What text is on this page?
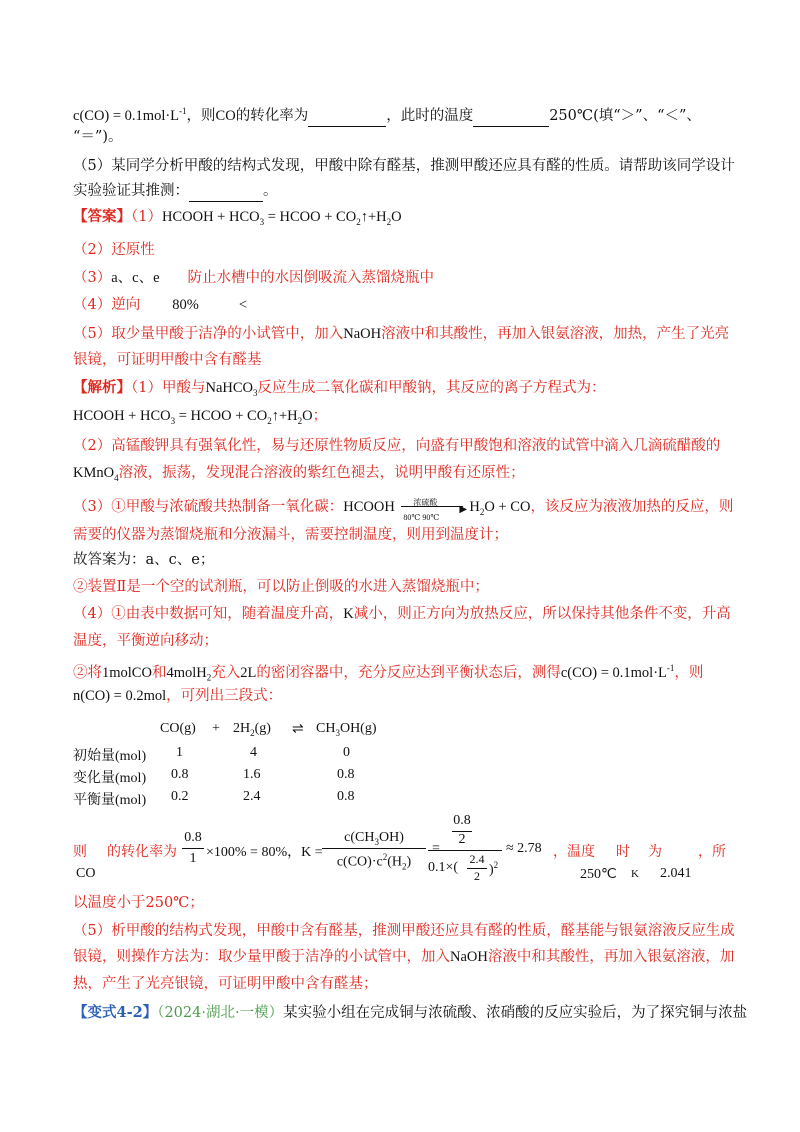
$c(CO) = 0.1mol\cdot L^{-1}$，则CO的转化率为	，此时的温度	250℃(填“＞”、“＜”、
“＝”)。
（5）某同学分析甲酸的结构式发现，甲酸中除有醛基，推测甲酸还应具有醛的性质。请帮助该同学设计
实验验证其推测：	。
【答案】（1）HCOOH + $HCO_3$ = HCOO + $CO_2↑+H_2O$
（2）还原性
（3）a、c、e 防止水槽中的水因倒吸流入蒸馏烧瓶中
（4）逆向 80%	<
（5）取少量甲酸于洁净的小试管中，加入NaOH溶液中和其酸性，再加入银氨溶液，加热，产生了光亮
银镜，可证明甲酸中含有醛基
【解析】（1）甲酸与NaHCO$_3$反应生成二氧化碳和甲酸钠，其反应的离子方程式为：
HCOOH + $HCO_3$ = HCOO + $CO_2↑+H_2O$；
（2）高锰酸钾具有强氧化性，易与还原性物质反应，向盛有甲酸饱和溶液的试管中滴入几滴硫醋酸的
KMnO$_4$溶液，振荡，发现混合溶液的紫红色褪去，说明甲酸有还原性；
（3）①甲酸与浓硫酸共热制备一氧化碳：HCOOH 浓硫酸
▶
80℃ 90℃
$H_2O$ + CO，该反应为液液加热的反应，则
需要的仪器为蒸馏烧瓶和分液漏斗，需要控制温度，则用到温度计；
故答案为：a、c、e；
②装置Ⅱ是一个空的试剂瓶，可以防止倒吸的水进入蒸馏烧瓶中；
（4）①由表中数据可知，随着温度升高，K减小，则正方向为放热反应，所以保持其他条件不变，升高
温度，平衡逆向移动；
②将1molCO和4molH$_2$充入2L的密闭容器中，充分反应达到平衡状态后，测得$c(CO) = 0.1mol\cdot L^{-1}$，则
n(CO) = 0.2mol，可列出三段式：
$CO(g) + 2H_2(g)$ ⇌ $CH_3OH(g)$
初始量(mol) 1	4	0
变化量(mol) 0.8	1.6	0.8
平衡量(mol) 0.2	2.4	0.8
则 的转化率为
CO
0.8
1 ×100% = 80%，K =
$c(CH_3OH)$
$c(CO)\cdot c^2(H_2)$
=
0.8
2
0.1×(
2.4
2 )$^2$
≈ 2.78 ，温度 时 为	，所
250℃ K 2.041
以温度小于250℃；
（5）析甲酸的结构式发现，甲酸中含有醛基，推测甲酸还应具有醛的性质，醛基能与银氨溶液反应生成
银镜，则操作方法为：取少量甲酸于洁净的小试管中，加入NaOH溶液中和其酸性，再加入银氨溶液，加
热，产生了光亮银镜，可证明甲酸中含有醛基；
【变式4-2】（2024·湖北·一模）某实验小组在完成铜与浓硫酸、浓硝酸的反应实验后，为了探究铜与浓盐
